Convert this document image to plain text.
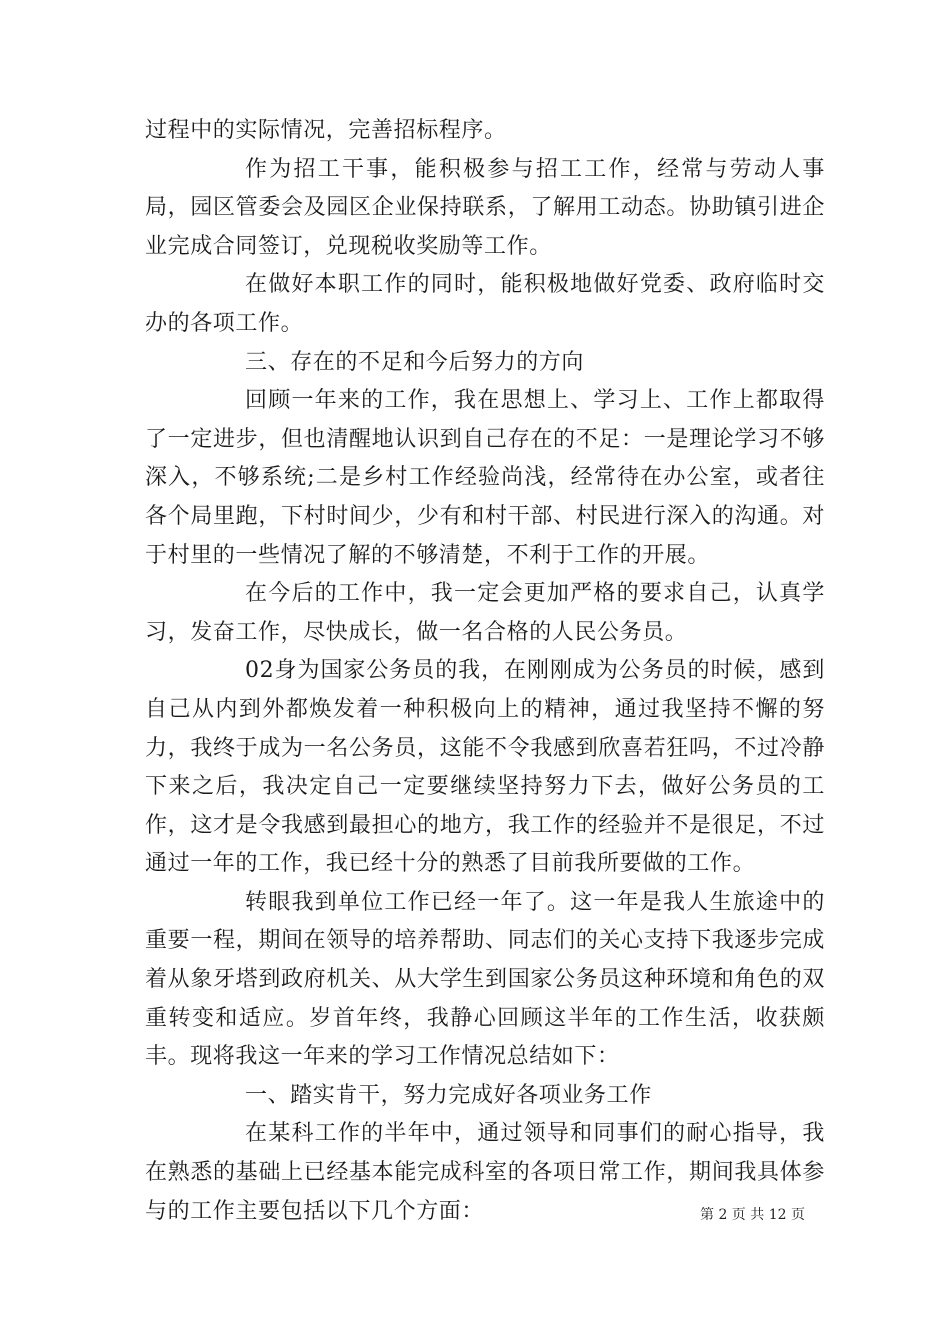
过程中的实际情况，完善招标程序。

作为招工干事，能积极参与招工工作，经常与劳动人事局，园区管委会及园区企业保持联系，了解用工动态。协助镇引进企业完成合同签订，兑现税收奖励等工作。

在做好本职工作的同时，能积极地做好党委、政府临时交办的各项工作。

三、存在的不足和今后努力的方向

回顾一年来的工作，我在思想上、学习上、工作上都取得了一定进步，但也清醒地认识到自己存在的不足：一是理论学习不够深入，不够系统;二是乡村工作经验尚浅，经常待在办公室，或者往各个局里跑，下村时间少，少有和村干部、村民进行深入的沟通。对于村里的一些情况了解的不够清楚，不利于工作的开展。

在今后的工作中，我一定会更加严格的要求自己，认真学习，发奋工作，尽快成长，做一名合格的人民公务员。

02身为国家公务员的我，在刚刚成为公务员的时候，感到自己从内到外都焕发着一种积极向上的精神，通过我坚持不懈的努力，我终于成为一名公务员，这能不令我感到欣喜若狂吗，不过冷静下来之后，我决定自己一定要继续坚持努力下去，做好公务员的工作，这才是令我感到最担心的地方，我工作的经验并不是很足，不过通过一年的工作，我已经十分的熟悉了目前我所要做的工作。

转眼我到单位工作已经一年了。这一年是我人生旅途中的重要一程，期间在领导的培养帮助、同志们的关心支持下我逐步完成着从象牙塔到政府机关、从大学生到国家公务员这种环境和角色的双重转变和适应。岁首年终，我静心回顾这半年的工作生活，收获颇丰。现将我这一年来的学习工作情况总结如下：

一、踏实肯干，努力完成好各项业务工作

在某科工作的半年中，通过领导和同事们的耐心指导，我在熟悉的基础上已经基本能完成科室的各项日常工作，期间我具体参与的工作主要包括以下几个方面：	第 2 页 共 12 页
